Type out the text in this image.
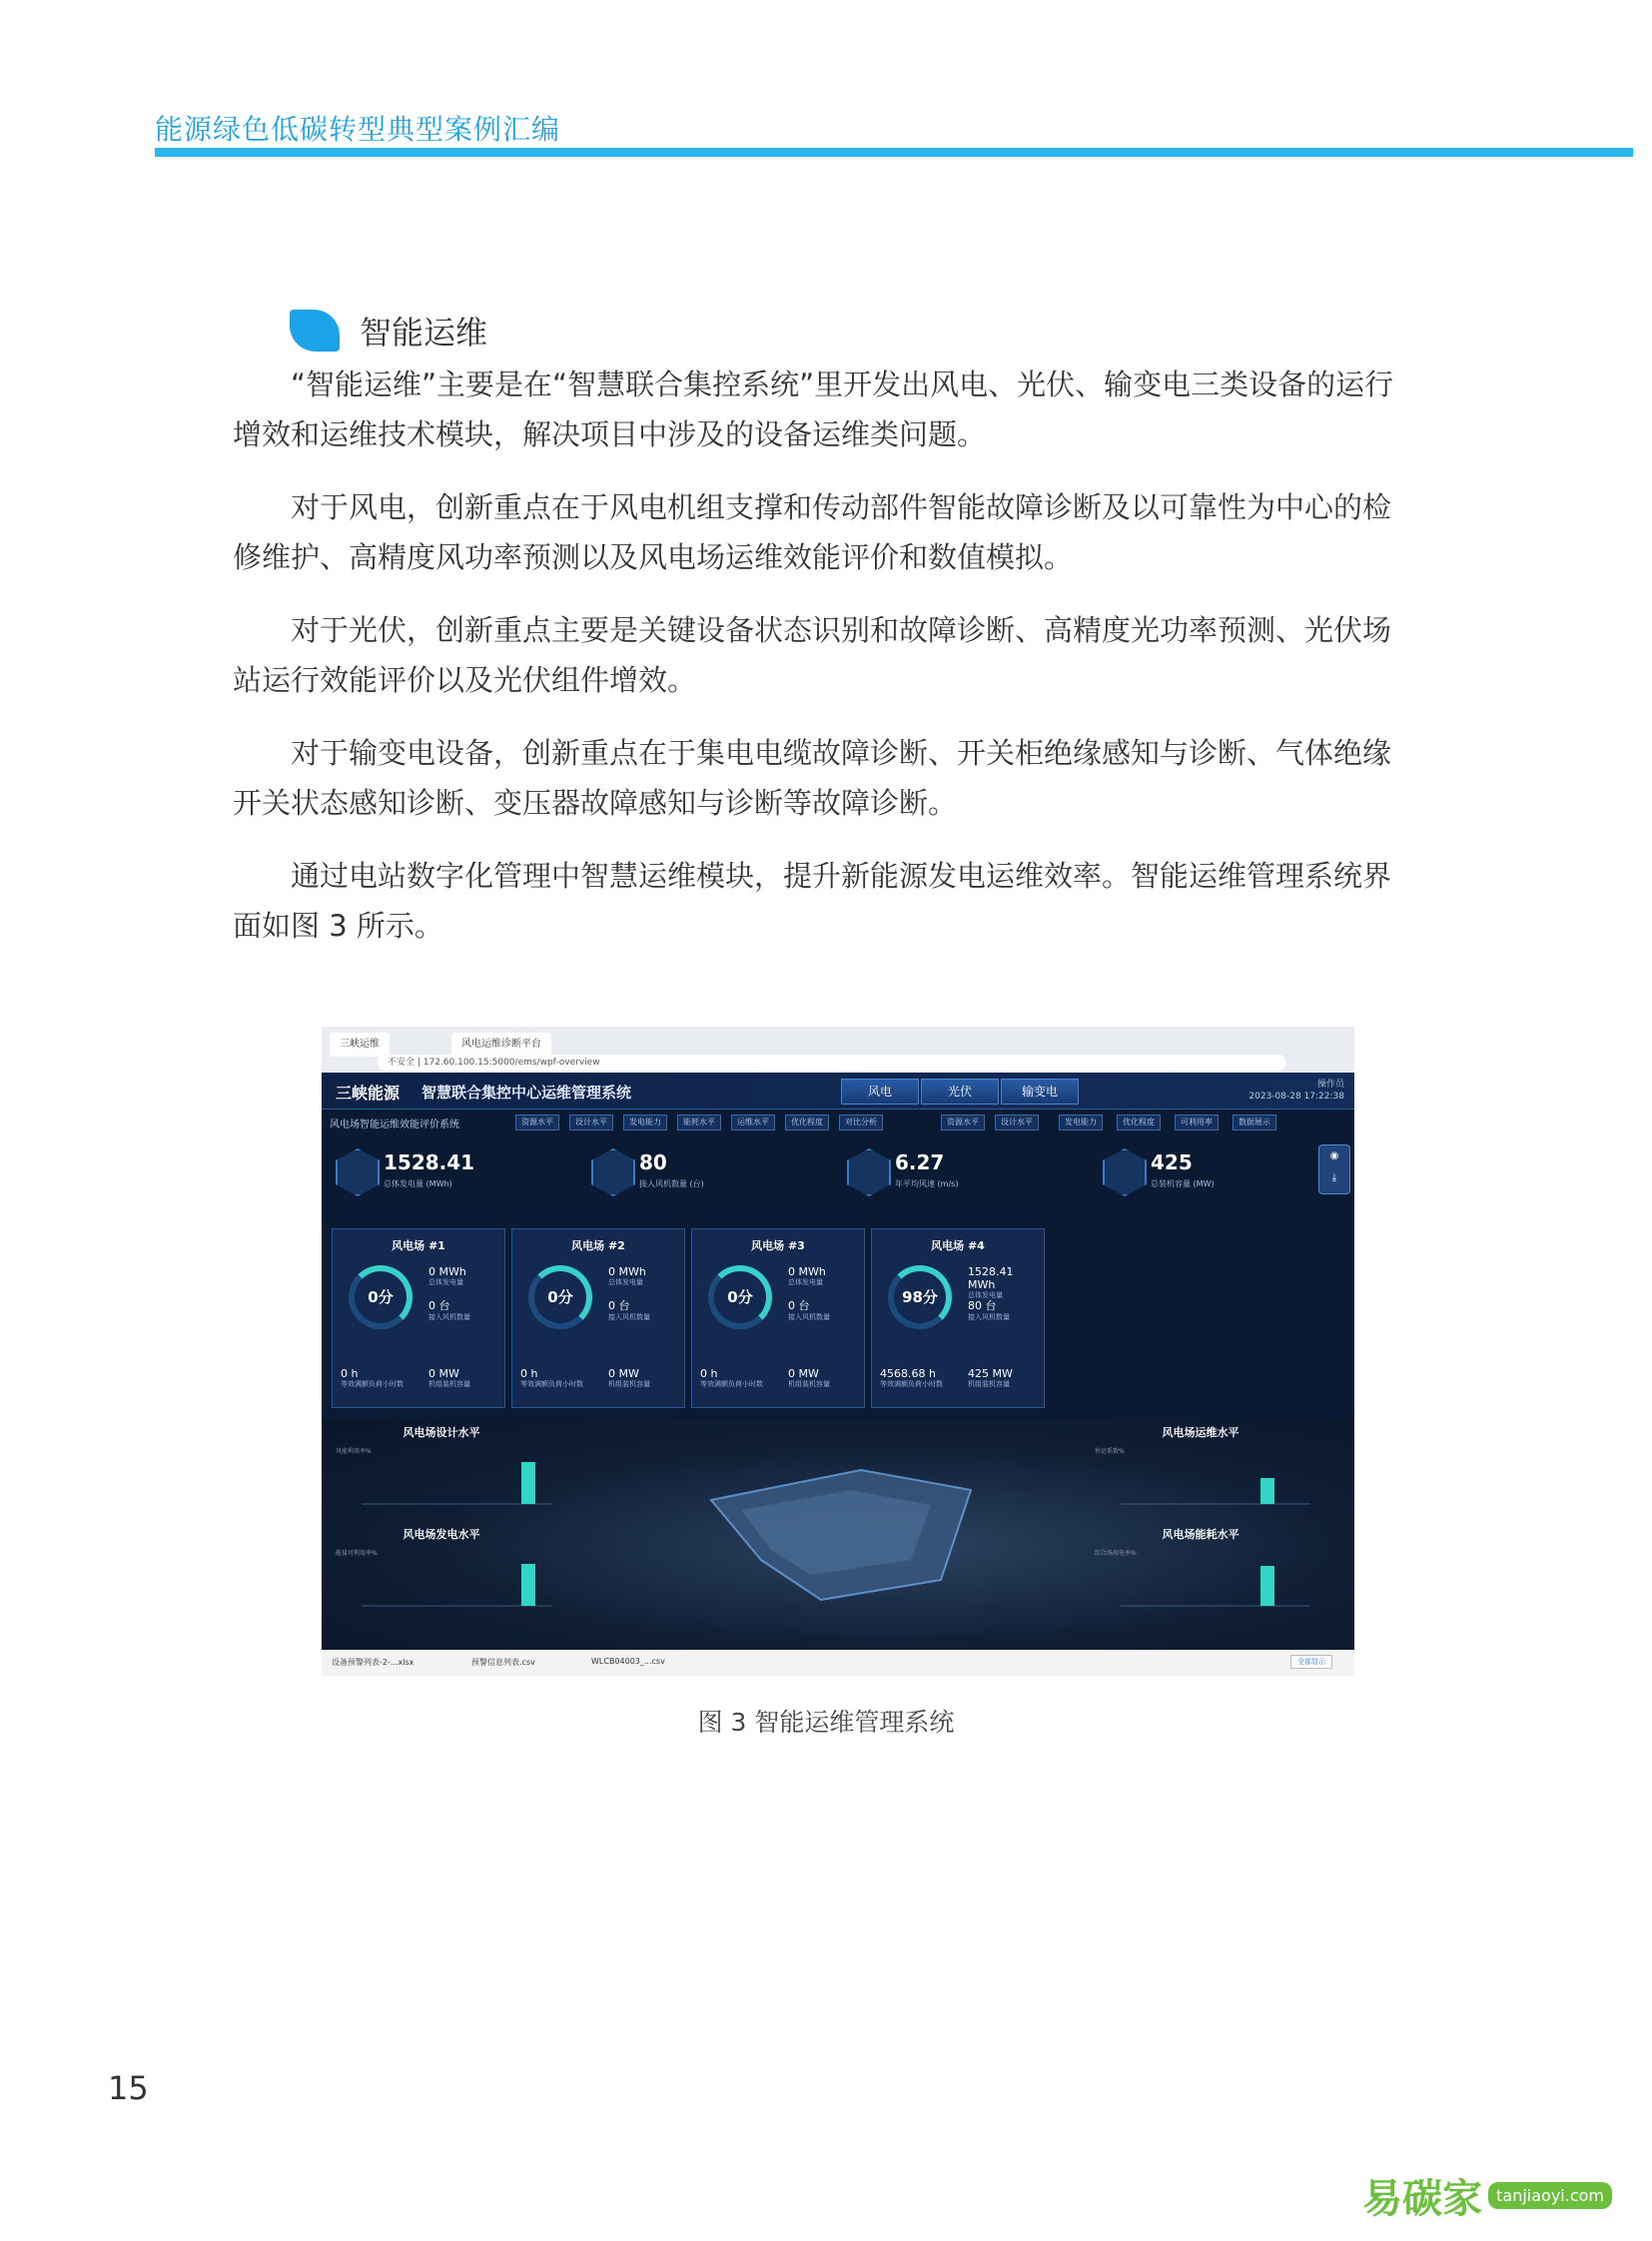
能源绿色低碳转型典型案例汇编
智能运维

“智能运维”主要是在“智慧联合集控系统”里开发出风电、光伏、输变电三类设备的运行增效和运维技术模块，解决项目中涉及的设备运维类问题。

对于风电，创新重点在于风电机组支撑和传动部件智能故障诊断及以可靠性为中心的检修维护、高精度风功率预测以及风电场运维效能评价和数值模拟。

对于光伏，创新重点主要是关键设备状态识别和故障诊断、高精度光功率预测、光伏场站运行效能评价以及光伏组件增效。

对于输变电设备，创新重点在于集电电缆故障诊断、开关柜绝缘感知与诊断、气体绝缘开关状态感知诊断、变压器故障感知与诊断等故障诊断。

通过电站数字化管理中智慧运维模块，提升新能源发电运维效率。智能运维管理系统界面如图 3 所示。

三峡运维	风电运维诊断平台
不安全 | 172.60.100.15:5000/ems/wpf-overview
三峡能源 智慧联合集控中心运维管理系统	风电	光伏	输变电	操作员
2023-08-28 17:22:38
风电场智能运维效能评价系统	资源水平	设计水平	发电能力	能耗水平	运维水平	优化程度	对比分析	资源水平	设计水平	发电能力	优化程度	可利用率	数据展示
◉
⤓
1528.41
总体发电量 (MWh)
80
接入风机数量 (台)
6.27
年平均风速 (m/s)
425
总装机容量 (MW)
风电场 #1
0分
0 MWh
总体发电量
0 台
接入风机数量
0 h
等效满额负荷小时数
0 MW
机组装机容量
风电场 #2
0分
0 MWh
总体发电量
0 台
接入风机数量
0 h
等效满额负荷小时数
0 MW
机组装机容量
风电场 #3
0分
0 MWh
总体发电量
0 台
接入风机数量
0 h
等效满额负荷小时数
0 MW
机组装机容量
风电场 #4
98分
1528.41 MWh
总体发电量
80 台
接入风机数量
4568.68 h
等效满额负荷小时数
425 MW
机组装机容量
风电场设计水平
风能利用率%
风电场发电水平
能量可利用率%
风电场运维水平
停运系数%
风电场能耗水平
综合场用电率%
设备预警列表-2-...xlsx	预警信息列表.csv	WLCB04003_...csv	全部显示
图 3 智能运维管理系统
15
易碳家 tanjiaoyi.com
